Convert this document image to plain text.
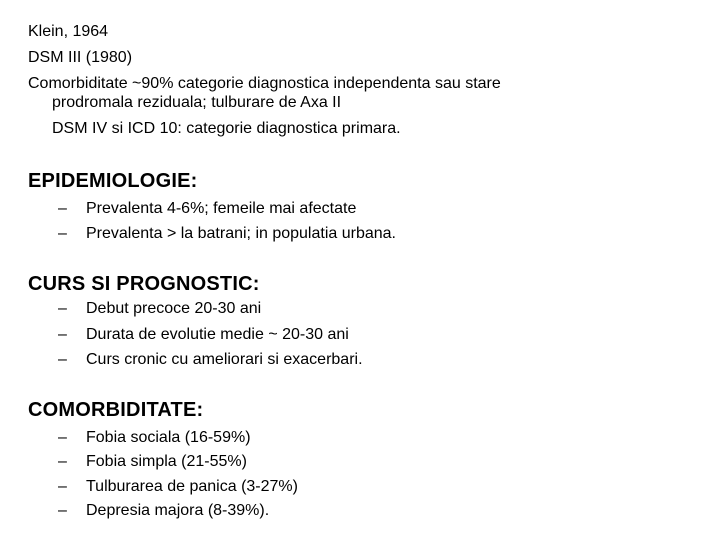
Klein, 1964
DSM III (1980)
Comorbiditate ~90% categorie diagnostica independenta sau stare
prodromala reziduala; tulburare de Axa II
DSM IV si ICD 10: categorie diagnostica primara.
EPIDEMIOLOGIE:
– Prevalenta 4-6%; femeile mai afectate
– Prevalenta > la batrani; in populatia urbana.
CURS SI PROGNOSTIC:
– Debut precoce 20-30 ani
– Durata de evolutie medie ~ 20-30 ani
– Curs cronic cu ameliorari si exacerbari.
COMORBIDITATE:
– Fobia sociala (16-59%)
– Fobia simpla (21-55%)
– Tulburarea de panica (3-27%)
– Depresia majora (8-39%).
